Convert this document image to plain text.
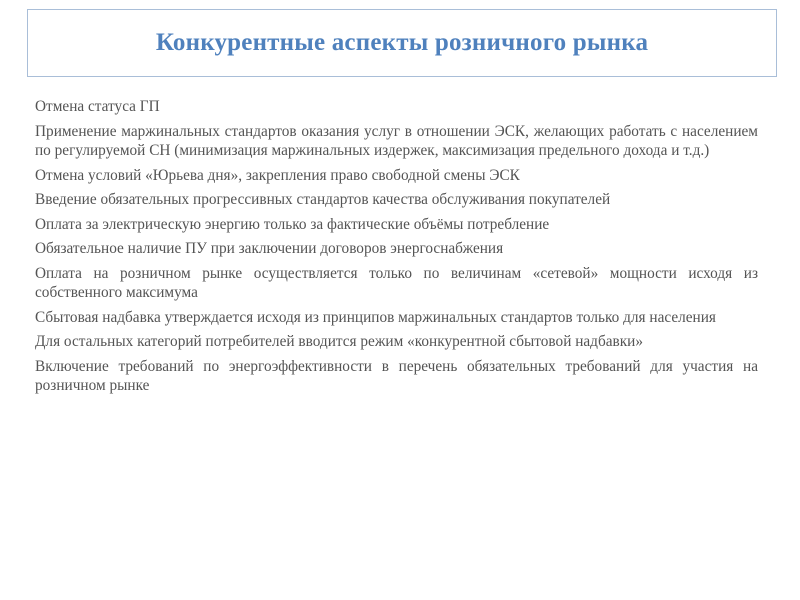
Конкурентные аспекты розничного рынка

Отмена статуса ГП

Применение маржинальных стандартов оказания услуг в отношении ЭСК, желающих работать с населением по регулируемой СН (минимизация маржинальных издержек, максимизация предельного дохода и т.д.)

Отмена условий «Юрьева дня», закрепления право свободной смены ЭСК

Введение обязательных прогрессивных стандартов качества обслуживания покупателей

Оплата за электрическую энергию только за фактические объёмы потребление

Обязательное наличие ПУ при заключении договоров энергоснабжения

Оплата на розничном рынке осуществляется только по величинам «сетевой» мощности исходя из собственного максимума

Сбытовая надбавка утверждается исходя из принципов маржинальных стандартов только для населения

Для остальных категорий потребителей вводится режим «конкурентной сбытовой надбавки»

Включение требований по энергоэффективности в перечень обязательных требований для участия на розничном рынке
